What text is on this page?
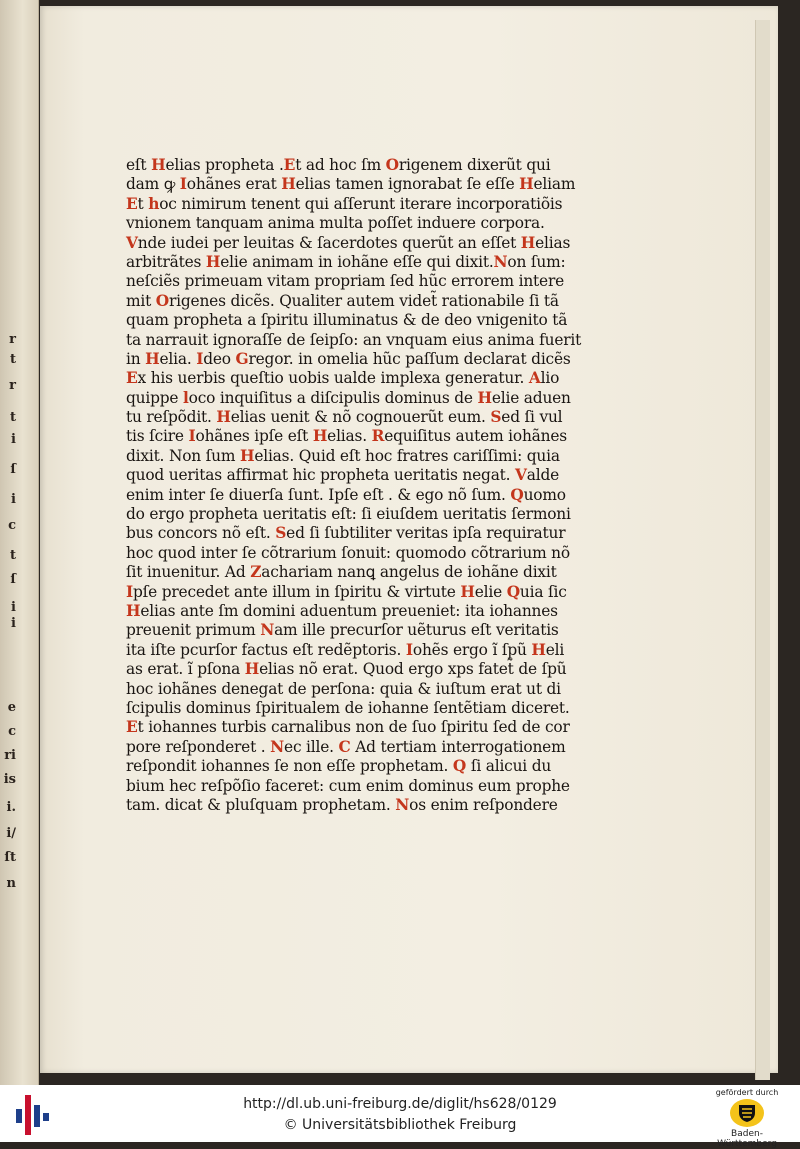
r
t
r
t
i
ſ
i
c
t
ſ
i
i
e
c
ri
is
i.
i/
ſt
n
eſt Helias propheta .Et ad hoc ſm Origenem dixerũt qui
dam ꝙ Iohãnes erat Helias tamen ignorabat ſe eſſe Heliam
Et hoc nimirum tenent qui aſſerunt iterare incorporatiõis
vnionem tanquam anima multa poſſet induere corpora.
Vnde iudei per leuitas & ſacerdotes querũt an eſſet Helias
arbitrãtes Helie animam in iohãne eſſe qui dixit.Non ſum:
neſciẽs primeuam vitam propriam ſed hũc errorem intere
mit Origenes dicẽs. Qualiter autem videt̃ rationabile ſi tã
quam propheta a ſpiritu illuminatus & de deo vnigenito tã
ta narrauit ignoraſſe de ſeipſo: an vnquam eius anima fuerit
in Helia. Ideo Gregor. in omelia hũc paſſum declarat dicẽs
Ex his uerbis queſtio uobis ualde implexa generatur. Alio
quippe loco inquiſitus a diſcipulis dominus de Helie aduen
tu reſpõdit. Helias uenit & nõ cognouerũt eum. Sed ſi vul
tis ſcire Iohãnes ipſe eſt Helias. Requiſitus autem iohãnes
dixit. Non ſum Helias. Quid eſt hoc fratres cariſſimi: quia
quod ueritas affirmat hic propheta ueritatis negat. Valde
enim inter ſe diuerſa ſunt. Ipſe eſt . & ego nõ ſum. Quomo
do ergo propheta ueritatis eſt: ſi eiuſdem ueritatis ſermoni
bus concors nõ eſt. Sed ſi ſubtiliter veritas ipſa requiratur
hoc quod inter ſe cõtrarium ſonuit: quomodo cõtrarium nõ
ſit inuenitur. Ad Zachariam nanꝗ angelus de iohãne dixit
Ipſe precedet ante illum in ſpiritu & virtute Helie Quia ſic
Helias ante ſm domini aduentum preueniet: ita iohannes
preuenit primum Nam ille precurſor uẽturus eſt veritatis
ita iſte pcurſor factus eſt redẽptoris. Iohẽs ergo ĩ ſpũ Heli
as erat. ĩ pſona Helias nõ erat. Quod ergo xps fatet̃ de ſpũ
hoc iohãnes denegat de perſona: quia & iuſtum erat ut di
ſcipulis dominus ſpiritualem de iohanne ſentẽtiam diceret.
Et iohannes turbis carnalibus non de ſuo ſpiritu ſed de cor
pore reſponderet . Nec ille. C Ad tertiam interrogationem
reſpondit iohannes ſe non eſſe prophetam. Q ſi alicui du
bium hec reſpõſio faceret: cum enim dominus eum prophe
tam. dicat & pluſquam prophetam. Nos enim reſpondere
http://dl.ub.uni-freiburg.de/diglit/hs628/0129
© Universitätsbibliothek Freiburg
gefördert durch
Baden-Württemberg
